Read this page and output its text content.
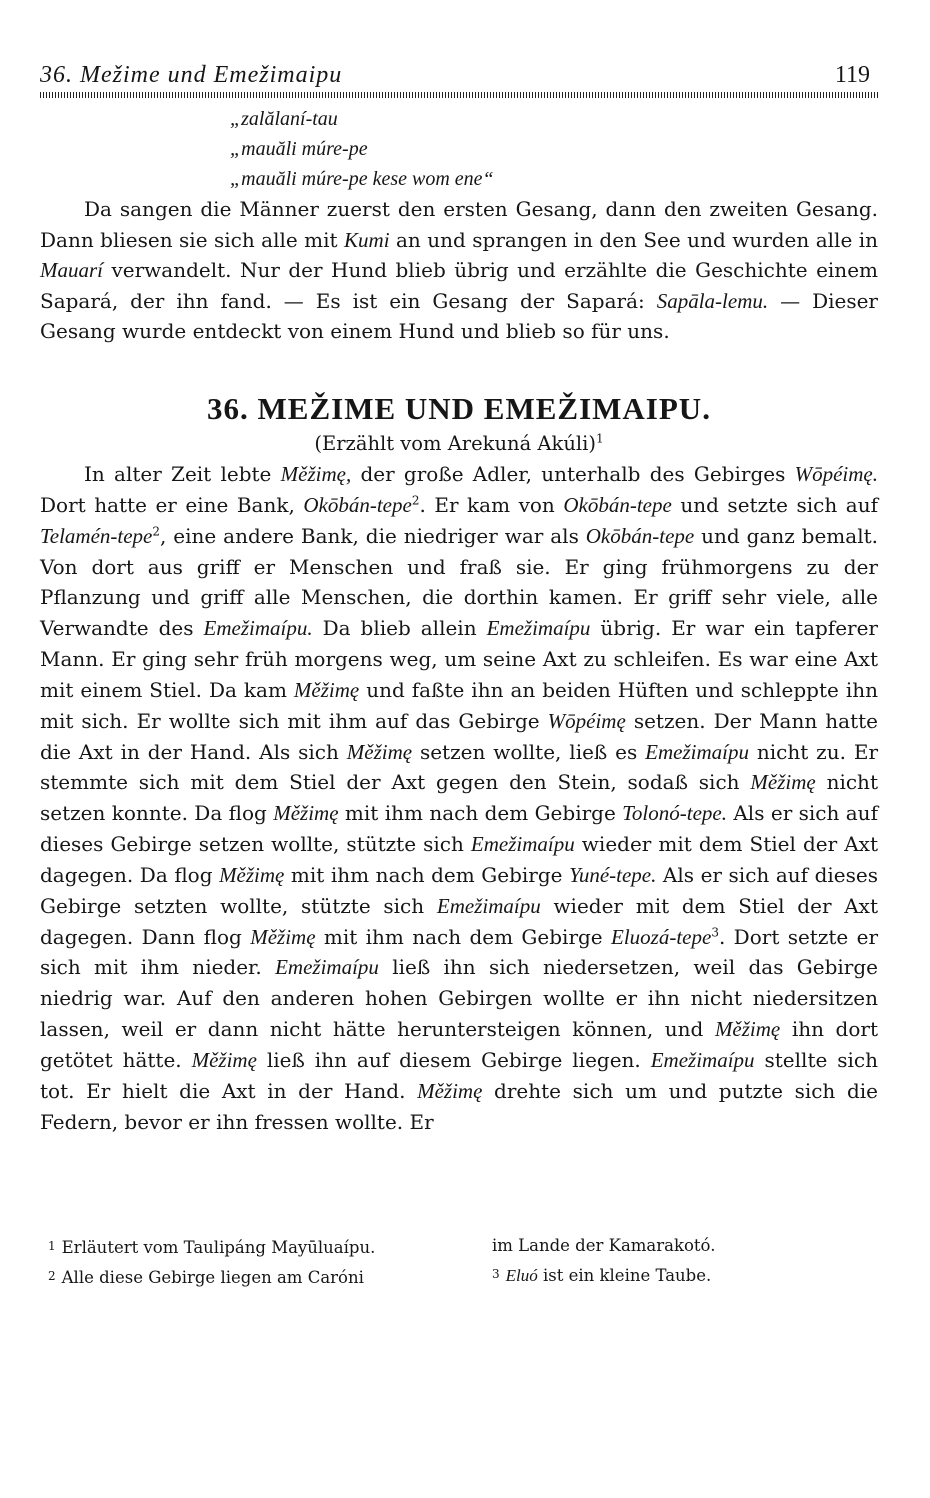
36. Mežime und Emežimaipu	119
„zalălaní-tau
„mauăli múre-pe
„mauăli múre-pe kese wom ene“

Da sangen die Männer zuerst den ersten Gesang, dann den zweiten Gesang. Dann bliesen sie sich alle mit Kumi an und sprangen in den See und wurden alle in Mauarí verwandelt. Nur der Hund blieb übrig und erzählte die Geschichte einem Sapará, der ihn fand. — Es ist ein Gesang der Sapará: Sapāla-lemu. — Dieser Gesang wurde entdeckt von einem Hund und blieb so für uns.

36. MEŽIME UND EMEŽIMAIPU.

(Erzählt vom Arekuná Akúli)$^1$

In alter Zeit lebte Měžimę, der große Adler, unterhalb des Gebirges Wōpéimę. Dort hatte er eine Bank, Okōbán-tepe$^2$. Er kam von Okōbán-tepe und setzte sich auf Telamén-tepe$^2$, eine andere Bank, die niedriger war als Okōbán-tepe und ganz bemalt. Von dort aus griff er Menschen und fraß sie. Er ging frühmorgens zu der Pflanzung und griff alle Menschen, die dorthin kamen. Er griff sehr viele, alle Verwandte des Emežimaípu. Da blieb allein Emežimaípu übrig. Er war ein tapferer Mann. Er ging sehr früh morgens weg, um seine Axt zu schleifen. Es war eine Axt mit einem Stiel. Da kam Měžimę und faßte ihn an beiden Hüften und schleppte ihn mit sich. Er wollte sich mit ihm auf das Gebirge Wōpéimę setzen. Der Mann hatte die Axt in der Hand. Als sich Měžimę setzen wollte, ließ es Emežimaípu nicht zu. Er stemmte sich mit dem Stiel der Axt gegen den Stein, sodaß sich Měžimę nicht setzen konnte. Da flog Měžimę mit ihm nach dem Gebirge Tolonó-tepe. Als er sich auf dieses Gebirge setzen wollte, stützte sich Emežimaípu wieder mit dem Stiel der Axt dagegen. Da flog Měžimę mit ihm nach dem Gebirge Yuné-tepe. Als er sich auf dieses Gebirge setzten wollte, stützte sich Emežimaípu wieder mit dem Stiel der Axt dagegen. Dann flog Měžimę mit ihm nach dem Gebirge Eluozá-tepe$^3$. Dort setzte er sich mit ihm nieder. Emežimaípu ließ ihn sich niedersetzen, weil das Gebirge niedrig war. Auf den anderen hohen Gebirgen wollte er ihn nicht niedersitzen lassen, weil er dann nicht hätte heruntersteigen können, und Měžimę ihn dort getötet hätte. Měžimę ließ ihn auf diesem Gebirge liegen. Emežimaípu stellte sich tot. Er hielt die Axt in der Hand. Měžimę drehte sich um und putzte sich die Federn, bevor er ihn fressen wollte. Er

1 Erläutert vom Taulipáng Mayūluaípu.
2 Alle diese Gebirge liegen am Caróni
im Lande der Kamarakotó.
3 Eluó ist ein kleine Taube.
